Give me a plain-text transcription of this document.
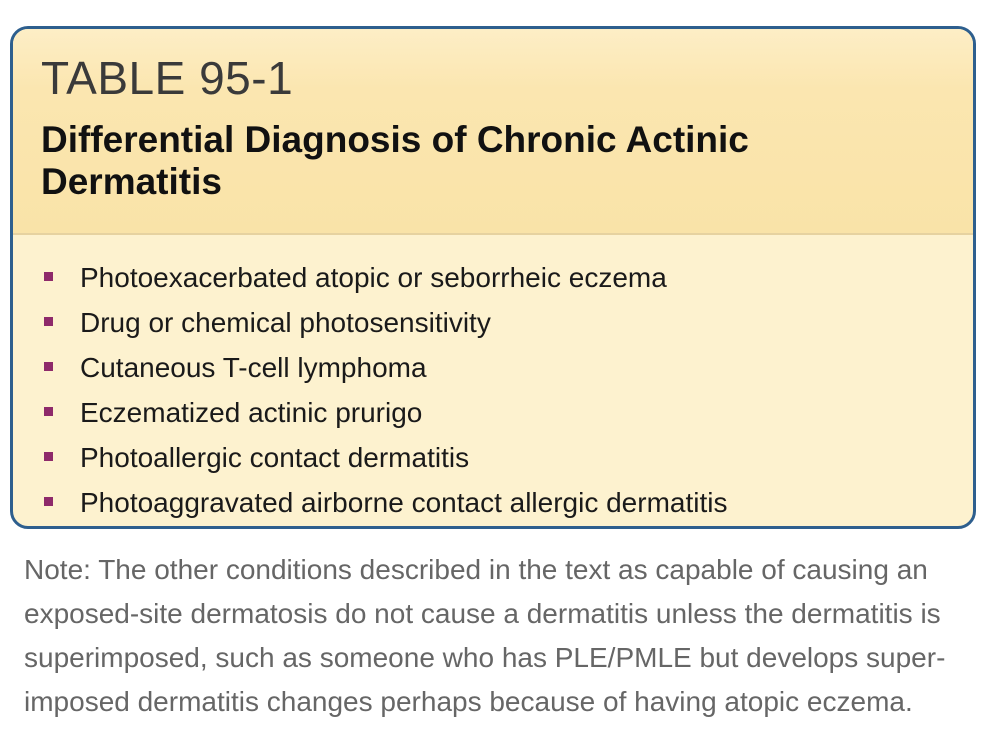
TABLE 95-1
Differential Diagnosis of Chronic Actinic Dermatitis
Photoexacerbated atopic or seborrheic eczema
Drug or chemical photosensitivity
Cutaneous T-cell lymphoma
Eczematized actinic prurigo
Photoallergic contact dermatitis
Photoaggravated airborne contact allergic dermatitis
Note: The other conditions described in the text as capable of causing an exposed-site dermatosis do not cause a dermatitis unless the dermatitis is superimposed, such as someone who has PLE/PMLE but develops super-imposed dermatitis changes perhaps because of having atopic eczema.
